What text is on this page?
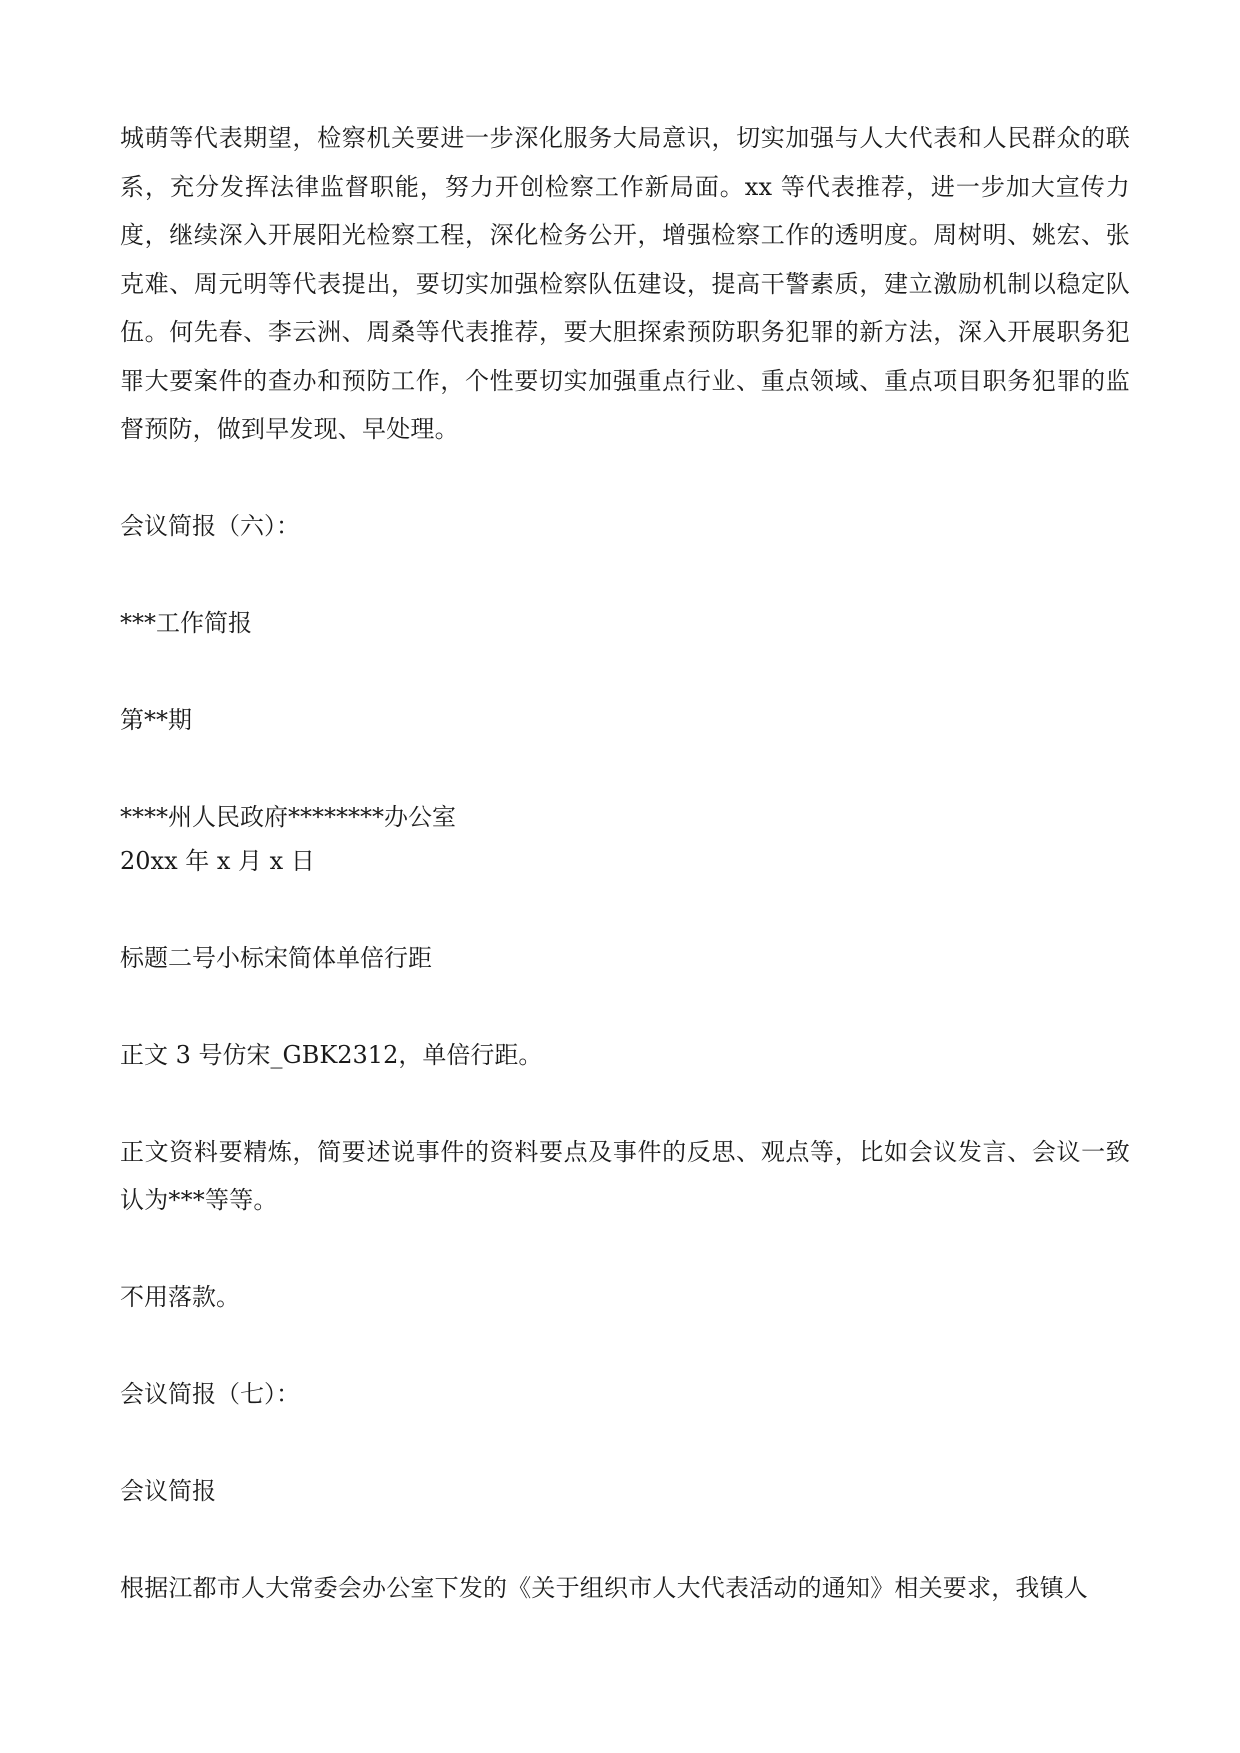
城萌等代表期望，检察机关要进一步深化服务大局意识，切实加强与人大代表和人民群众的联系，充分发挥法律监督职能，努力开创检察工作新局面。xx 等代表推荐，进一步加大宣传力度，继续深入开展阳光检察工程，深化检务公开，增强检察工作的透明度。周树明、姚宏、张克难、周元明等代表提出，要切实加强检察队伍建设，提高干警素质，建立激励机制以稳定队伍。何先春、李云洲、周桑等代表推荐，要大胆探索预防职务犯罪的新方法，深入开展职务犯罪大要案件的查办和预防工作，个性要切实加强重点行业、重点领域、重点项目职务犯罪的监督预防，做到早发现、早处理。

会议简报（六）：

***工作简报

第**期

****州人民政府********办公室

20xx 年 x 月 x 日

标题二号小标宋简体单倍行距

正文 3 号仿宋_GBK2312，单倍行距。

正文资料要精炼，简要述说事件的资料要点及事件的反思、观点等，比如会议发言、会议一致认为***等等。

不用落款。

会议简报（七）：

会议简报

根据江都市人大常委会办公室下发的《关于组织市人大代表活动的通知》相关要求，我镇人
